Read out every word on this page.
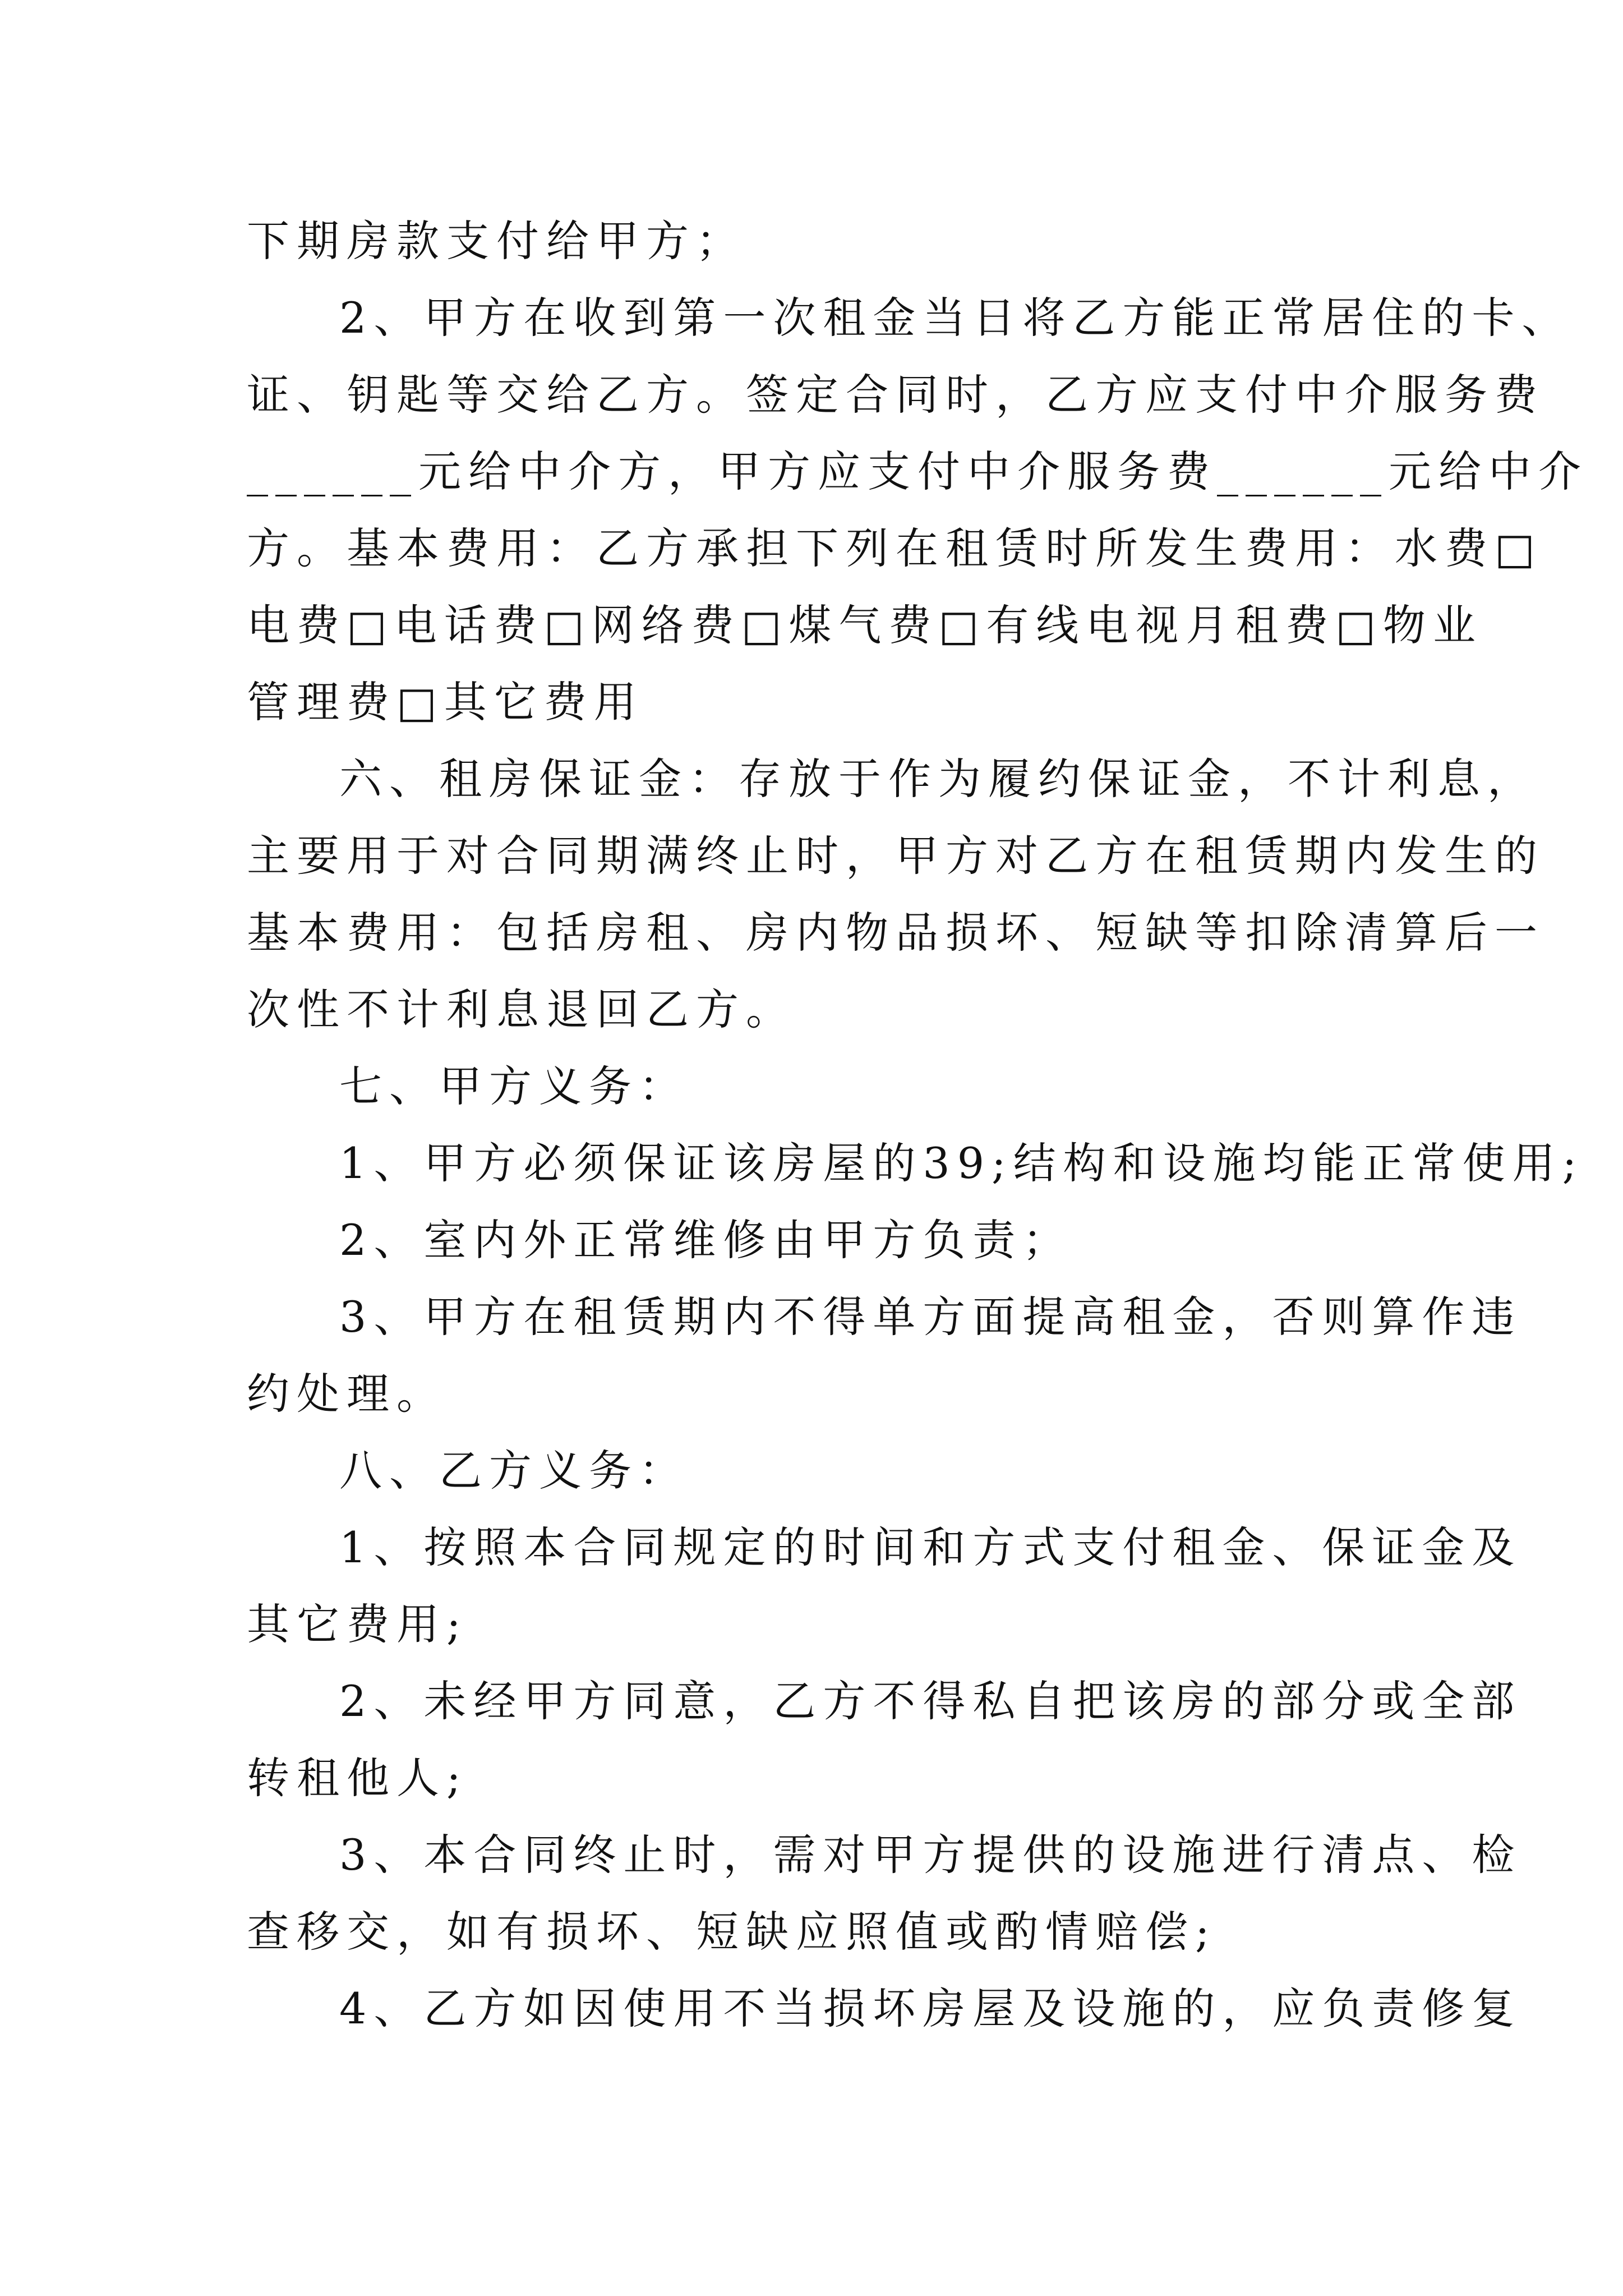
下期房款支付给甲方；
2、甲方在收到第一次租金当日将乙方能正常居住的卡、
证、钥匙等交给乙方。签定合同时，乙方应支付中介服务费
______元给中介方，甲方应支付中介服务费______元给中介
方。基本费用：乙方承担下列在租赁时所发生费用：水费□
电费□电话费□网络费□煤气费□有线电视月租费□物业
管理费□其它费用
六、租房保证金：存放于作为履约保证金，不计利息，
主要用于对合同期满终止时，甲方对乙方在租赁期内发生的
基本费用：包括房租、房内物品损坏、短缺等扣除清算后一
次性不计利息退回乙方。
七、甲方义务：
1、甲方必须保证该房屋的39;结构和设施均能正常使用;
2、室内外正常维修由甲方负责；
3、甲方在租赁期内不得单方面提高租金，否则算作违
约处理。
八、乙方义务：
1、按照本合同规定的时间和方式支付租金、保证金及
其它费用;
2、未经甲方同意，乙方不得私自把该房的部分或全部
转租他人;
3、本合同终止时，需对甲方提供的设施进行清点、检
查移交，如有损坏、短缺应照值或酌情赔偿;
4、乙方如因使用不当损坏房屋及设施的，应负责修复
